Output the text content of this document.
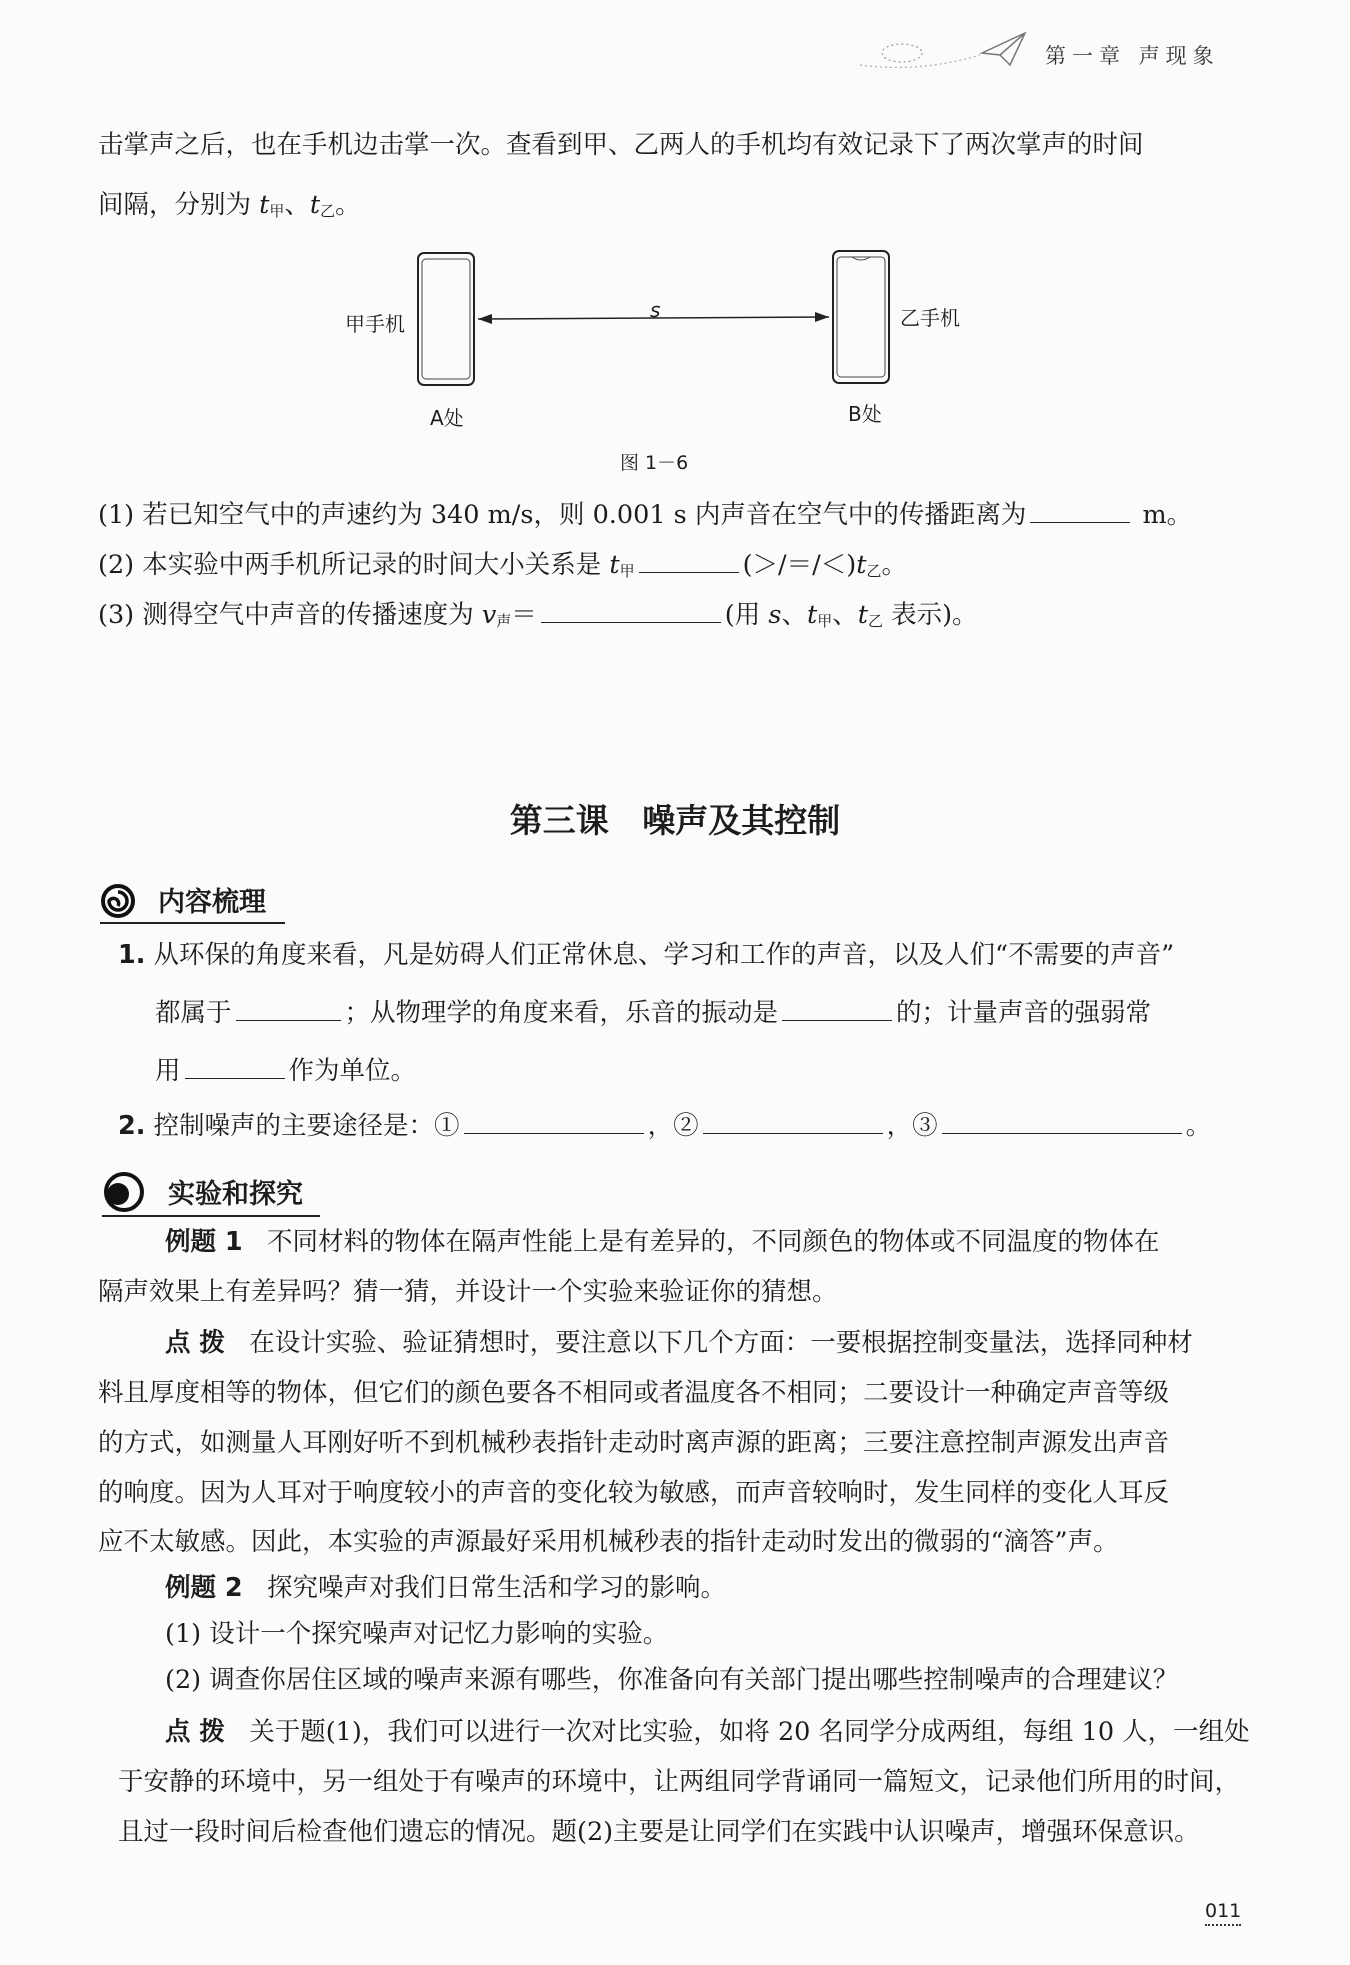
第一章 声现象
击掌声之后，也在手机边击掌一次。查看到甲、乙两人的手机均有效记录下了两次掌声的时间
间隔，分别为 $t_甲$、$t_乙$。
甲手机	乙手机
s
A处	B处
图 1－6
(1) 若已知空气中的声速约为 340 m/s，则 0.001 s 内声音在空气中的传播距离为	m。
(2) 本实验中两手机所记录的时间大小关系是 $t_甲$	$(>/=/<)t_乙$。
(3) 测得空气中声音的传播速度为 $v_声=$	(用 s、$t_甲$、$t_乙$ 表示)。
第三课 噪声及其控制
内容梳理
1. 从环保的角度来看，凡是妨碍人们正常休息、学习和工作的声音，以及人们“不需要的声音”
都属于	；从物理学的角度来看，乐音的振动是	的；计量声音的强弱常
用	作为单位。
2. 控制噪声的主要途径是：①	，②	，③	。
实验和探究
例题 1 不同材料的物体在隔声性能上是有差异的，不同颜色的物体或不同温度的物体在
隔声效果上有差异吗？猜一猜，并设计一个实验来验证你的猜想。
点 拨 在设计实验、验证猜想时，要注意以下几个方面：一要根据控制变量法，选择同种材
料且厚度相等的物体，但它们的颜色要各不相同或者温度各不相同；二要设计一种确定声音等级
的方式，如测量人耳刚好听不到机械秒表指针走动时离声源的距离；三要注意控制声源发出声音
的响度。因为人耳对于响度较小的声音的变化较为敏感，而声音较响时，发生同样的变化人耳反
应不太敏感。因此，本实验的声源最好采用机械秒表的指针走动时发出的微弱的“滴答”声。
例题 2 探究噪声对我们日常生活和学习的影响。
(1) 设计一个探究噪声对记忆力影响的实验。
(2) 调查你居住区域的噪声来源有哪些，你准备向有关部门提出哪些控制噪声的合理建议？
点 拨 关于题(1)，我们可以进行一次对比实验，如将 20 名同学分成两组，每组 10 人，一组处
于安静的环境中，另一组处于有噪声的环境中，让两组同学背诵同一篇短文，记录他们所用的时间，
且过一段时间后检查他们遗忘的情况。题(2)主要是让同学们在实践中认识噪声，增强环保意识。
011
